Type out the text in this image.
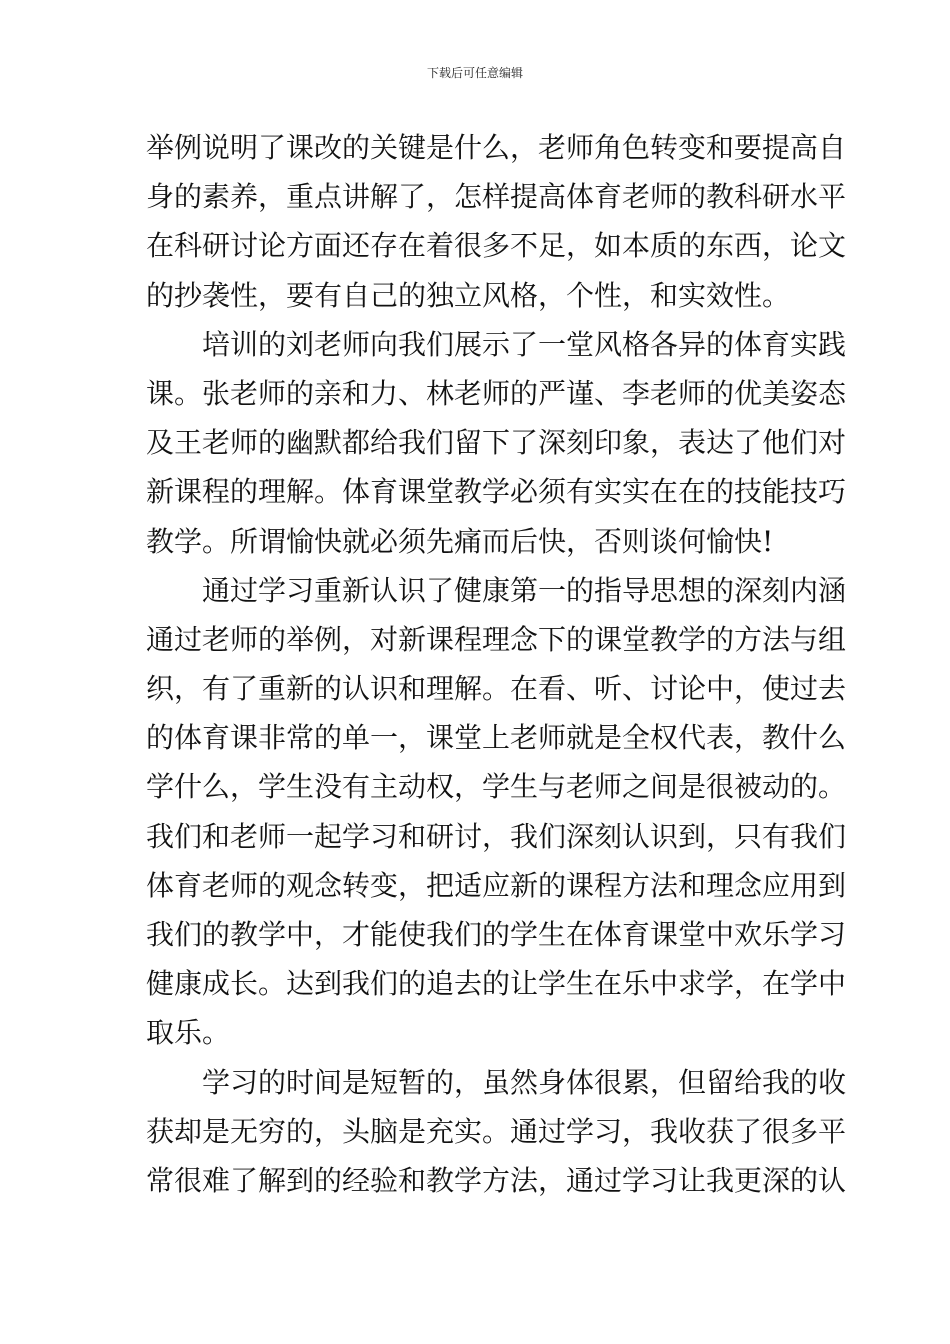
下载后可任意编辑
举例说明了课改的关键是什么，老师角色转变和要提高自
身的素养，重点讲解了，怎样提高体育老师的教科研水平
在科研讨论方面还存在着很多不足，如本质的东西，论文
的抄袭性，要有自己的独立风格，个性，和实效性。
培训的刘老师向我们展示了一堂风格各异的体育实践
课。张老师的亲和力、林老师的严谨、李老师的优美姿态
及王老师的幽默都给我们留下了深刻印象，表达了他们对
新课程的理解。体育课堂教学必须有实实在在的技能技巧
教学。所谓愉快就必须先痛而后快，否则谈何愉快!
通过学习重新认识了健康第一的指导思想的深刻内涵
通过老师的举例，对新课程理念下的课堂教学的方法与组
织，有了重新的认识和理解。在看、听、讨论中，使过去
的体育课非常的单一，课堂上老师就是全权代表，教什么
学什么，学生没有主动权，学生与老师之间是很被动的。
我们和老师一起学习和研讨，我们深刻认识到，只有我们
体育老师的观念转变，把适应新的课程方法和理念应用到
我们的教学中，才能使我们的学生在体育课堂中欢乐学习
健康成长。达到我们的追去的让学生在乐中求学，在学中
取乐。
学习的时间是短暂的，虽然身体很累，但留给我的收
获却是无穷的，头脑是充实。通过学习，我收获了很多平
常很难了解到的经验和教学方法，通过学习让我更深的认
